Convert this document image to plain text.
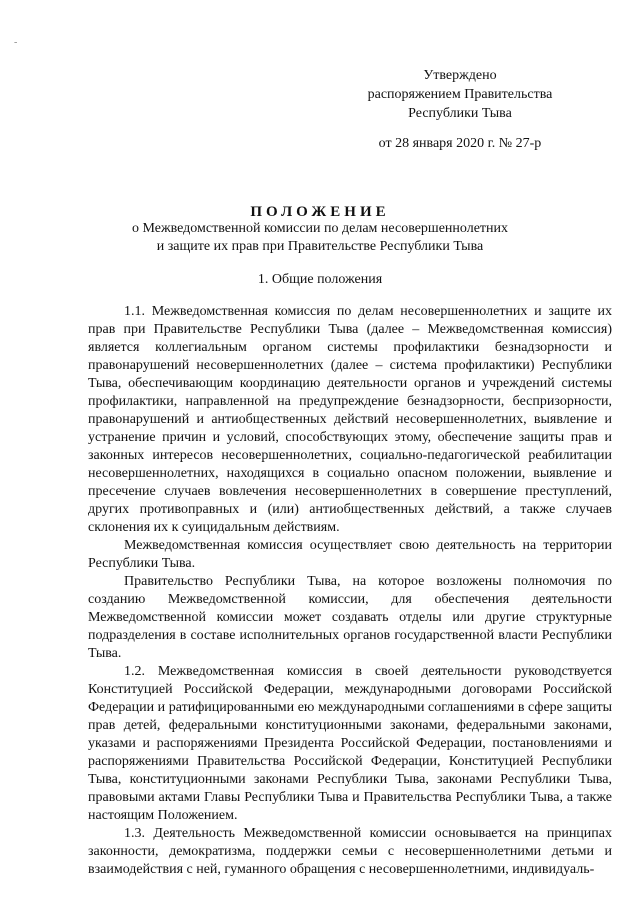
-
Утверждено
распоряжением Правительства
Республики Тыва
от 28 января 2020 г. № 27-р
ПОЛОЖЕНИЕ
о Межведомственной комиссии по делам несовершеннолетних
и защите их прав при Правительстве Республики Тыва
1. Общие положения

1.1. Межведомственная комиссия по делам несовершеннолетних и защите их прав при Правительстве Республики Тыва (далее – Межведомственная комиссия) является коллегиальным органом системы профилактики безнадзорности и правонарушений несовершеннолетних (далее – система профилактики) Республики Тыва, обеспечивающим координацию деятельности органов и учреждений системы профилактики, направленной на предупреждение безнадзорности, беспризорности, правонарушений и антиобщественных действий несовершеннолетних, выявление и устранение причин и условий, способствующих этому, обеспечение защиты прав и законных интересов несовершеннолетних, социально-педагогической реабилитации несовершеннолетних, находящихся в социально опасном положении, выявление и пресечение случаев вовлечения несовершеннолетних в совершение преступлений, других противоправных и (или) антиобщественных действий, а также случаев склонения их к суицидальным действиям.

Межведомственная комиссия осуществляет свою деятельность на территории Республики Тыва.

Правительство Республики Тыва, на которое возложены полномочия по созданию Межведомственной комиссии, для обеспечения деятельности Межведомственной комиссии может создавать отделы или другие структурные подразделения в составе исполнительных органов государственной власти Республики Тыва.

1.2. Межведомственная комиссия в своей деятельности руководствуется Конституцией Российской Федерации, международными договорами Российской Федерации и ратифицированными ею международными соглашениями в сфере защиты прав детей, федеральными конституционными законами, федеральными законами, указами и распоряжениями Президента Российской Федерации, постановлениями и распоряжениями Правительства Российской Федерации, Конституцией Республики Тыва, конституционными законами Республики Тыва, законами Республики Тыва, правовыми актами Главы Республики Тыва и Правительства Республики Тыва, а также настоящим Положением.

1.3. Деятельность Межведомственной комиссии основывается на принципах законности, демократизма, поддержки семьи с несовершеннолетними детьми и взаимодействия с ней, гуманного обращения с несовершеннолетними, индивидуаль-
